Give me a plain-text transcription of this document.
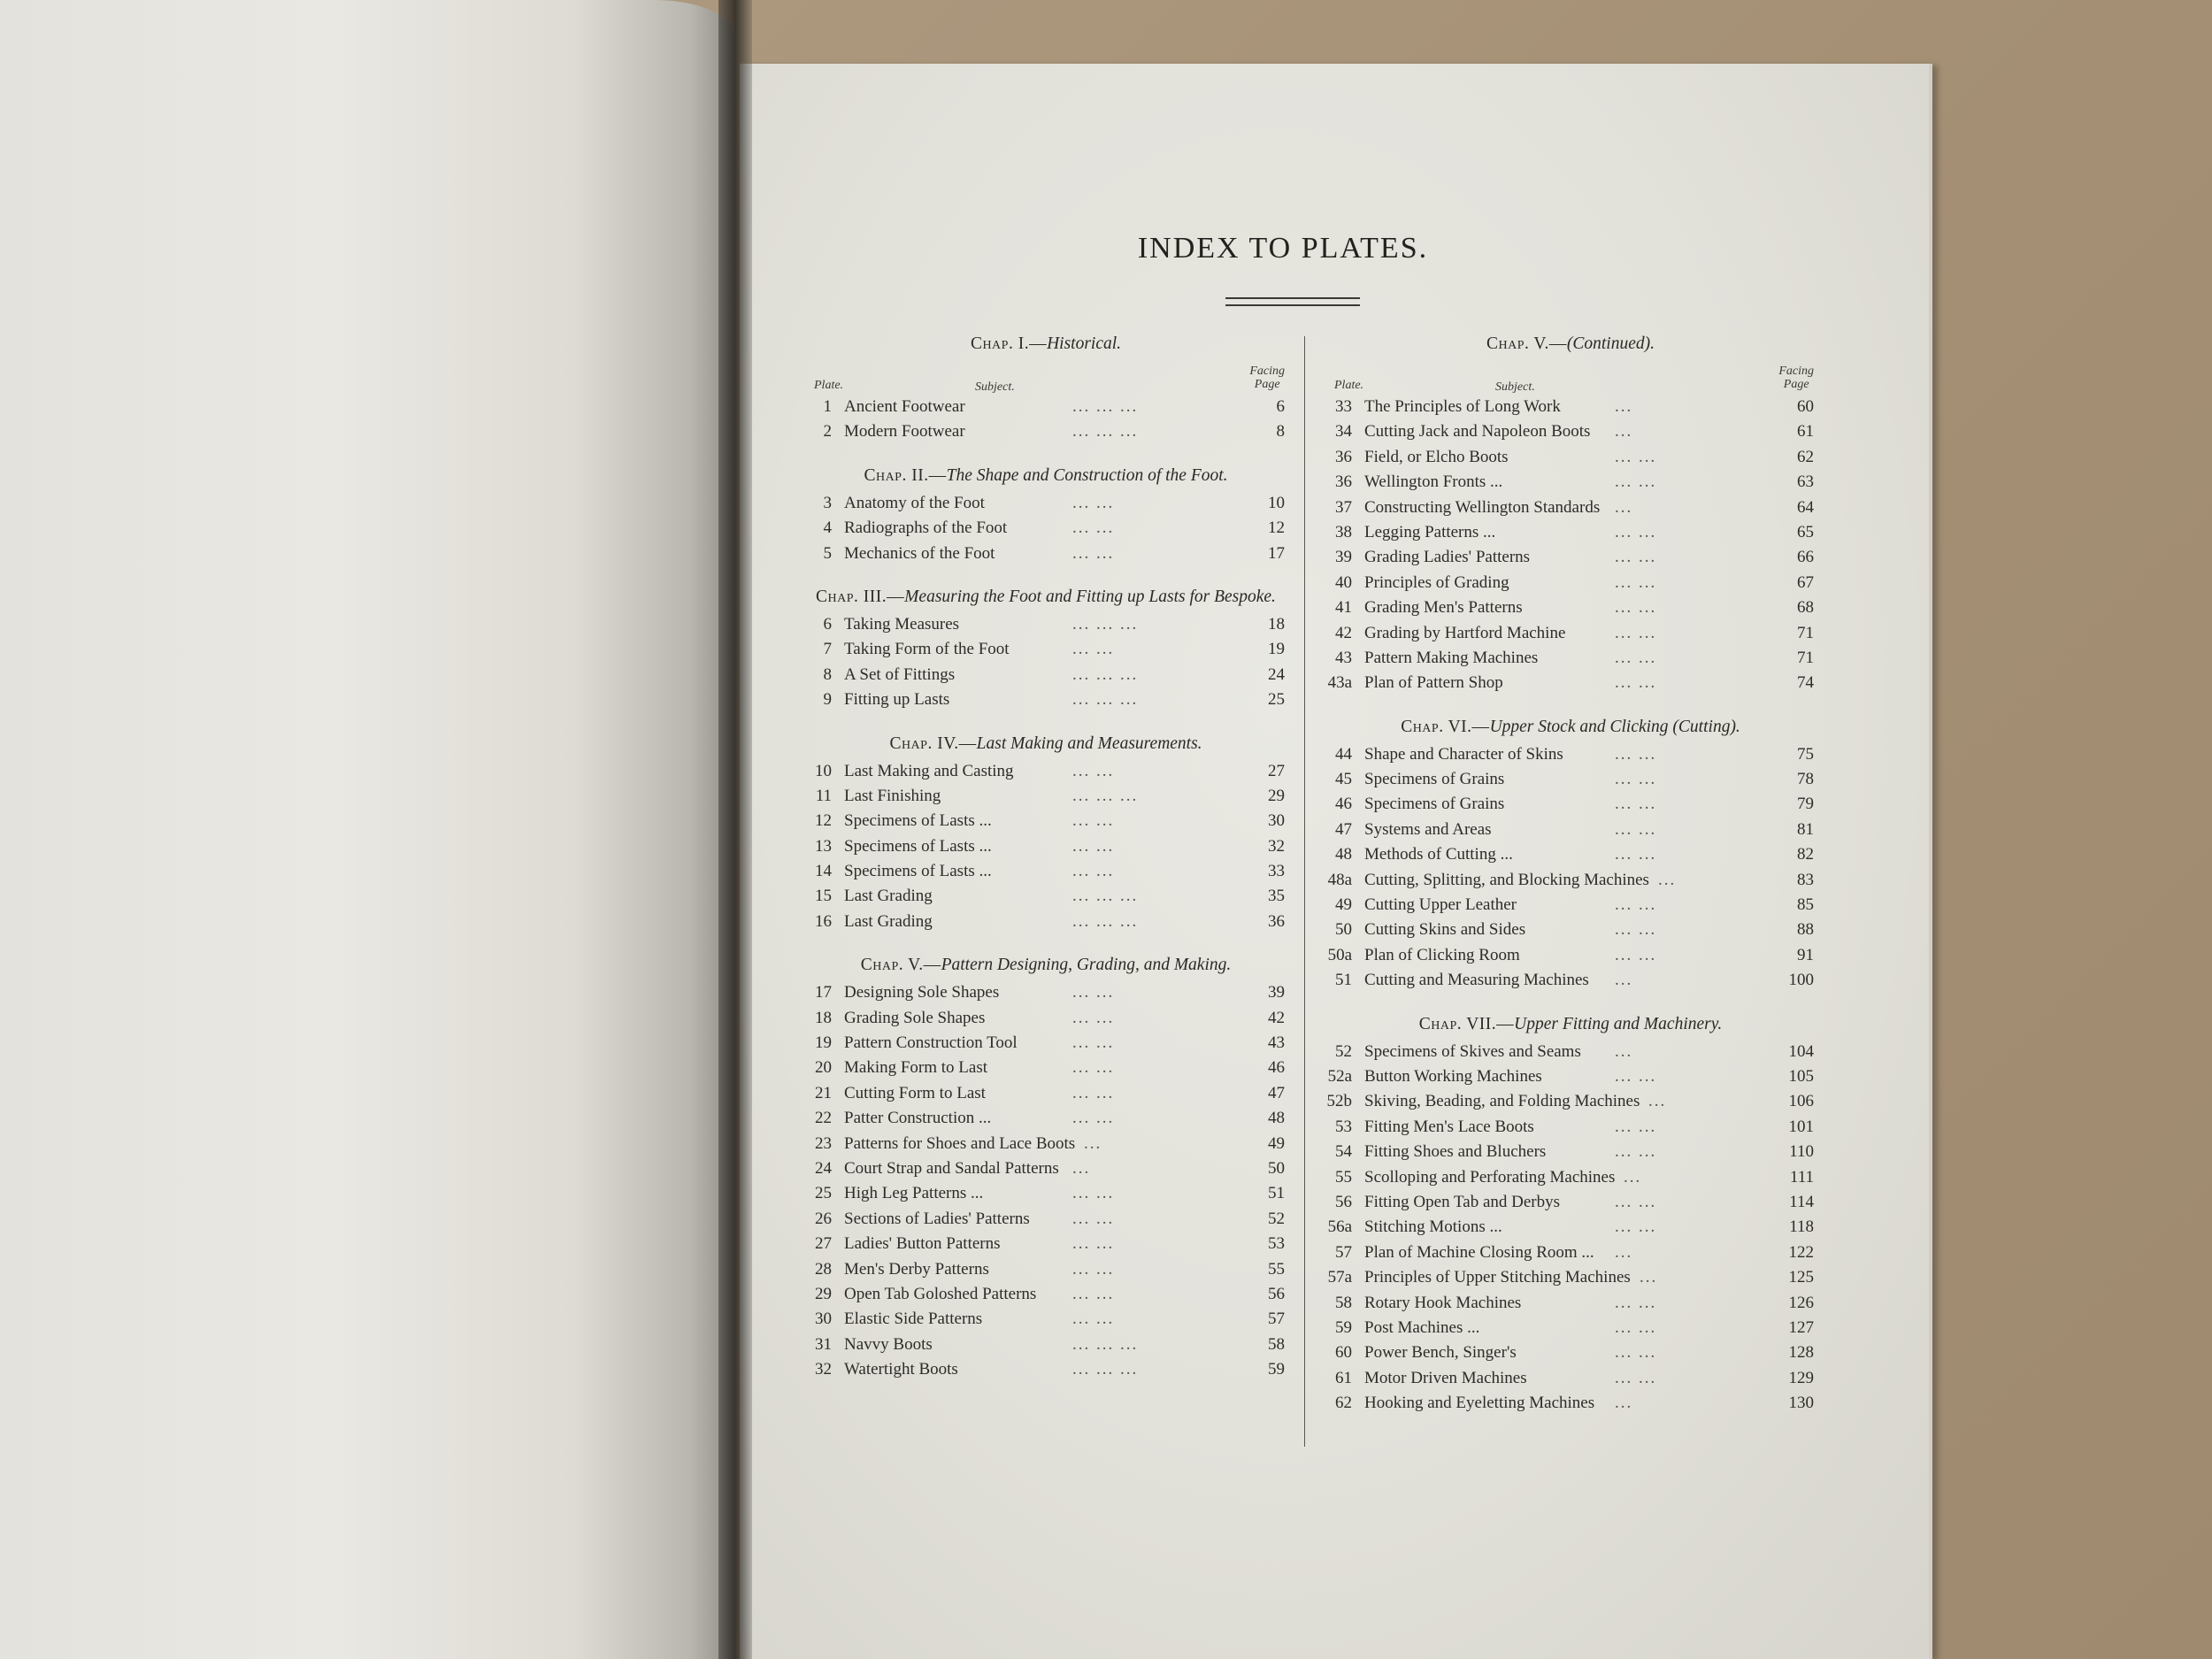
INDEX TO PLATES.
Chap. I.—Historical.
Plate.	Subject.
Facing
Page
1 Ancient Footwear	... ... ...	6
2 Modern Footwear	... ... ...	8
Chap. II.—The Shape and Construction of the Foot.
3 Anatomy of the Foot	... ...	10
4 Radiographs of the Foot	... ...	12
5 Mechanics of the Foot	... ...	17
Chap. III.—Measuring the Foot and Fitting up Lasts for Bespoke.
6 Taking Measures	... ... ...	18
7 Taking Form of the Foot	... ...	19
8 A Set of Fittings	... ... ...	24
9 Fitting up Lasts	... ... ...	25
Chap. IV.—Last Making and Measurements.
10 Last Making and Casting	... ...	27
11 Last Finishing	... ... ...	29
12 Specimens of Lasts ...	... ...	30
13 Specimens of Lasts ...	... ...	32
14 Specimens of Lasts ...	... ...	33
15 Last Grading	... ... ...	35
16 Last Grading	... ... ...	36
Chap. V.—Pattern Designing, Grading, and Making.
17 Designing Sole Shapes	... ...	39
18 Grading Sole Shapes	... ...	42
19 Pattern Construction Tool	... ...	43
20 Making Form to Last	... ...	46
21 Cutting Form to Last	... ...	47
22 Patter Construction ...	... ...	48
23 Patterns for Shoes and Lace Boots ...	49
24 Court Strap and Sandal Patterns ...	50
25 High Leg Patterns ...	... ...	51
26 Sections of Ladies' Patterns	... ...	52
27 Ladies' Button Patterns	... ...	53
28 Men's Derby Patterns	... ...	55
29 Open Tab Goloshed Patterns ... ...	56
30 Elastic Side Patterns	... ...	57
31 Navvy Boots	... ... ...	58
32 Watertight Boots	... ... ...	59
Chap. V.—(Continued).
Plate.	Subject.
Facing
Page
33 The Principles of Long Work	...	60
34 Cutting Jack and Napoleon Boots ...	61
36 Field, or Elcho Boots	... ...	62
36 Wellington Fronts ...	... ...	63
37 Constructing Wellington Standards ...	64
38 Legging Patterns ...	... ...	65
39 Grading Ladies' Patterns	... ...	66
40 Principles of Grading	... ...	67
41 Grading Men's Patterns	... ...	68
42 Grading by Hartford Machine	... ...	71
43 Pattern Making Machines	... ...	71
43a Plan of Pattern Shop	... ...	74
Chap. VI.—Upper Stock and Clicking (Cutting).
44 Shape and Character of Skins	... ...	75
45 Specimens of Grains	... ...	78
46 Specimens of Grains	... ...	79
47 Systems and Areas	... ...	81
48 Methods of Cutting ...	... ...	82
48a Cutting, Splitting, and Blocking Machines ...	83
49 Cutting Upper Leather	... ...	85
50 Cutting Skins and Sides	... ...	88
50a Plan of Clicking Room	... ...	91
51 Cutting and Measuring Machines ...	100
Chap. VII.—Upper Fitting and Machinery.
52 Specimens of Skives and Seams ...	104
52a Button Working Machines	... ...	105
52b Skiving, Beading, and Folding Machines ...	106
53 Fitting Men's Lace Boots	... ...	101
54 Fitting Shoes and Bluchers	... ...	110
55 Scolloping and Perforating Machines ...	111
56 Fitting Open Tab and Derbys	... ...	114
56a Stitching Motions ...	... ...	118
57 Plan of Machine Closing Room ... ...	122
57a Principles of Upper Stitching Machines ...	125
58 Rotary Hook Machines	... ...	126
59 Post Machines ...	... ...	127
60 Power Bench, Singer's	... ...	128
61 Motor Driven Machines	... ...	129
62 Hooking and Eyeletting Machines ...	130
